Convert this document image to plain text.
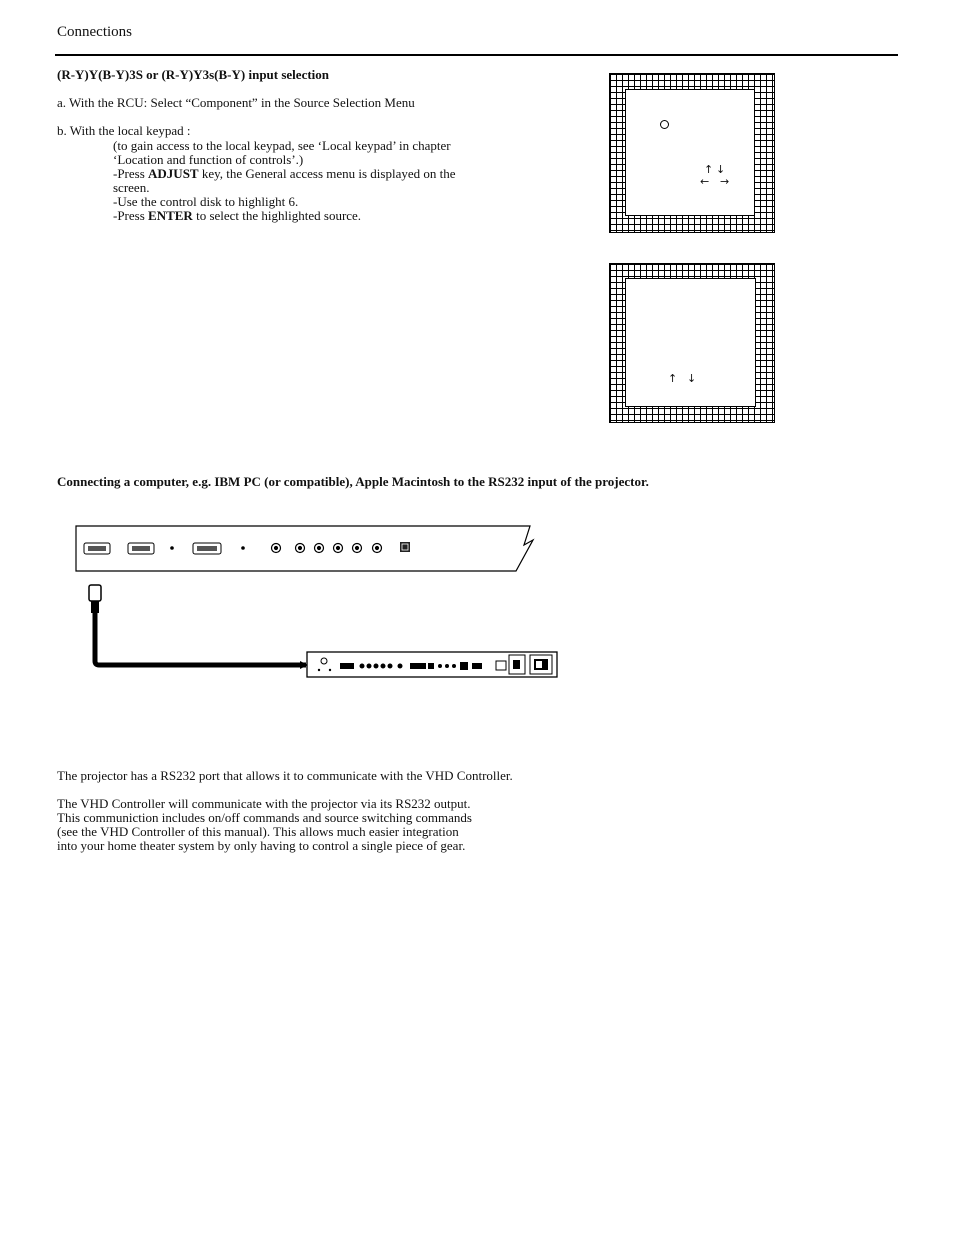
Connections
(R-Y)Y(B-Y)3S or (R-Y)Y3s(B-Y) input selection
a. With the RCU: Select “Component” in the Source Selection Menu
b. With the local keypad :
(to gain access to the local keypad, see ‘Local keypad’ in chapter
‘Location and function of controls’.)
-Press ADJUST key, the General access menu is displayed on the
screen.
-Use the control disk to highlight 6.
-Press ENTER to select the highlighted source.
↑ ↓
← →
↑ ↓
Connecting a computer, e.g. IBM PC (or compatible), Apple Macintosh to the RS232 input of the projector.
The projector has a RS232 port that allows it to communicate with the VHD Controller.
The VHD Controller will communicate with the projector via its RS232 output.
This communiction includes on/off commands and source switching commands
(see the VHD Controller of this manual). This allows much easier integration
into your home theater system by only having to control a single piece of gear.
